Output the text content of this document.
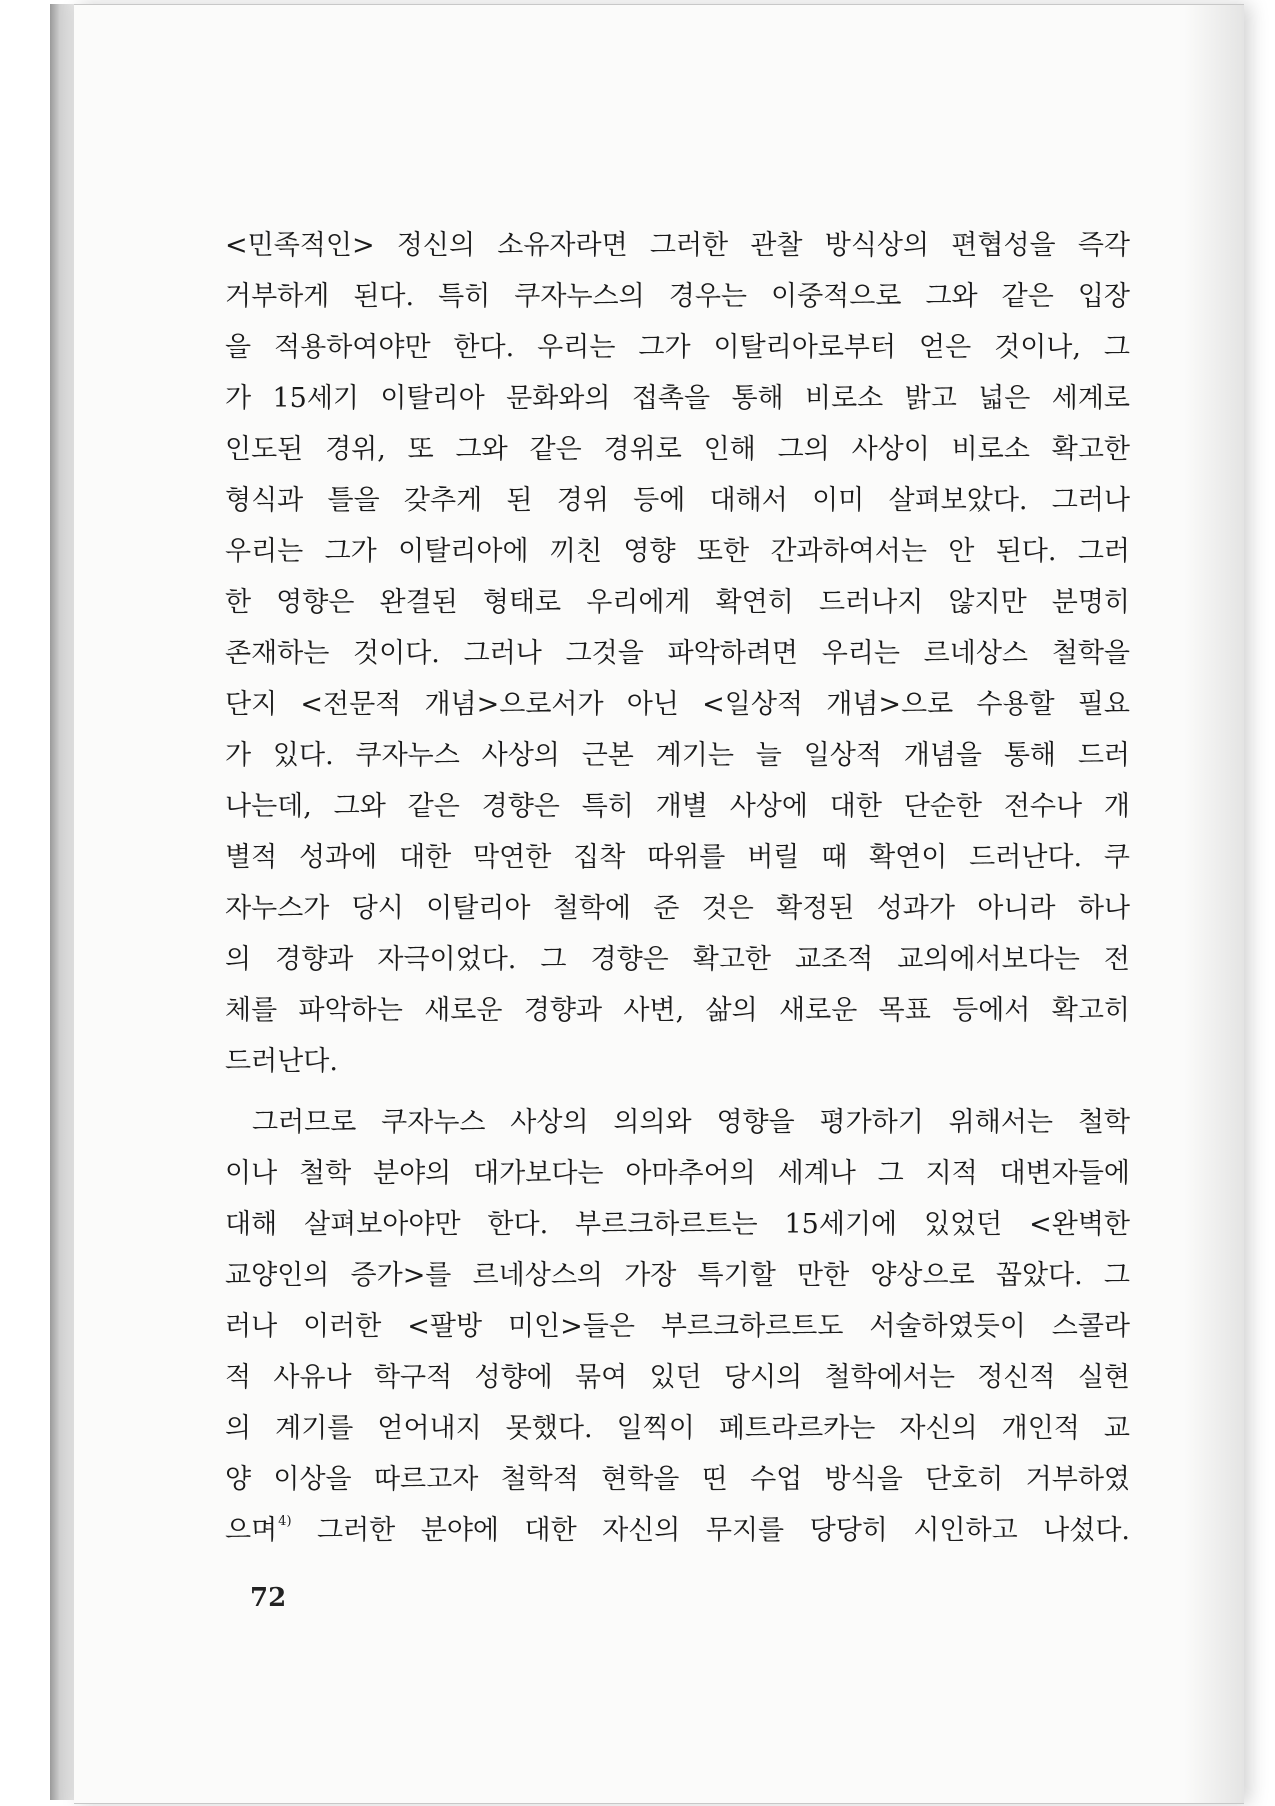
<민족적인> 정신의 소유자라면 그러한 관찰 방식상의 편협성을 즉각
거부하게 된다. 특히 쿠자누스의 경우는 이중적으로 그와 같은 입장
을 적용하여야만 한다. 우리는 그가 이탈리아로부터 얻은 것이나, 그
가 15세기 이탈리아 문화와의 접촉을 통해 비로소 밝고 넓은 세계로
인도된 경위, 또 그와 같은 경위로 인해 그의 사상이 비로소 확고한
형식과 틀을 갖추게 된 경위 등에 대해서 이미 살펴보았다. 그러나
우리는 그가 이탈리아에 끼친 영향 또한 간과하여서는 안 된다. 그러
한 영향은 완결된 형태로 우리에게 확연히 드러나지 않지만 분명히
존재하는 것이다. 그러나 그것을 파악하려면 우리는 르네상스 철학을
단지 <전문적 개념>으로서가 아닌 <일상적 개념>으로 수용할 필요
가 있다. 쿠자누스 사상의 근본 계기는 늘 일상적 개념을 통해 드러
나는데, 그와 같은 경향은 특히 개별 사상에 대한 단순한 전수나 개
별적 성과에 대한 막연한 집착 따위를 버릴 때 확연이 드러난다. 쿠
자누스가 당시 이탈리아 철학에 준 것은 확정된 성과가 아니라 하나
의 경향과 자극이었다. 그 경향은 확고한 교조적 교의에서보다는 전
체를 파악하는 새로운 경향과 사변, 삶의 새로운 목표 등에서 확고히
드러난다.
그러므로 쿠자누스 사상의 의의와 영향을 평가하기 위해서는 철학
이나 철학 분야의 대가보다는 아마추어의 세계나 그 지적 대변자들에
대해 살펴보아야만 한다. 부르크하르트는 15세기에 있었던 <완벽한
교양인의 증가>를 르네상스의 가장 특기할 만한 양상으로 꼽았다. 그
러나 이러한 <팔방 미인>들은 부르크하르트도 서술하였듯이 스콜라
적 사유나 학구적 성향에 묶여 있던 당시의 철학에서는 정신적 실현
의 계기를 얻어내지 못했다. 일찍이 페트라르카는 자신의 개인적 교
양 이상을 따르고자 철학적 현학을 띤 수업 방식을 단호히 거부하였
으며$^{4)}$ 그러한 분야에 대한 자신의 무지를 당당히 시인하고 나섰다.
72
